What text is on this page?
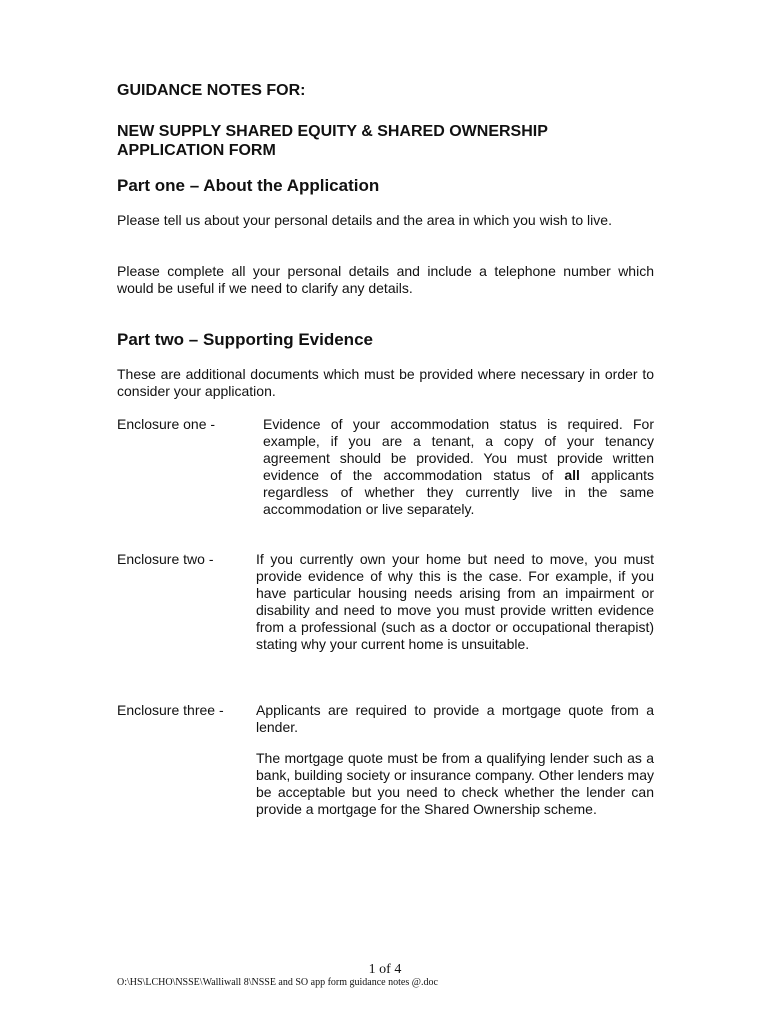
GUIDANCE NOTES FOR:

NEW SUPPLY SHARED EQUITY & SHARED OWNERSHIP

APPLICATION FORM

Part one – About the Application

Please tell us about your personal details and the area in which you wish to live.

Please complete all your personal details and include a telephone number which would be useful if we need to clarify any details.

Part two – Supporting Evidence

These are additional documents which must be provided where necessary in order to consider your application.

Enclosure one -	Evidence of your accommodation status is required. For example, if you are a tenant, a copy of your tenancy agreement should be provided. You must provide written evidence of the accommodation status of all applicants regardless of whether they currently live in the same accommodation or live separately.

Enclosure two -	If you currently own your home but need to move, you must provide evidence of why this is the case. For example, if you have particular housing needs arising from an impairment or disability and need to move you must provide written evidence from a professional (such as a doctor or occupational therapist) stating why your current home is unsuitable.

Enclosure three - Applicants are required to provide a mortgage quote from a lender.

The mortgage quote must be from a qualifying lender such as a bank, building society or insurance company. Other lenders may be acceptable but you need to check whether the lender can provide a mortgage for the Shared Ownership scheme.

1 of 4
O:\HS\LCHO\NSSE\Walliwall 8\NSSE and SO app form guidance notes @.doc
